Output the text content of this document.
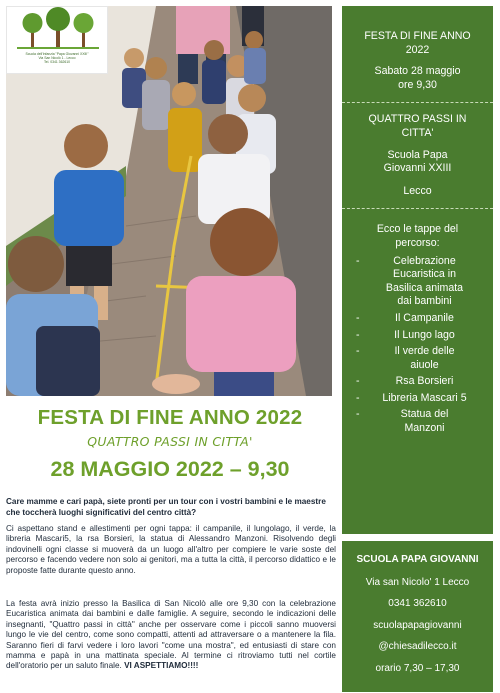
Scuola dell'Infanzia "Papa Giovanni XXIII"
Via San Nicolò 1 - Lecco
Tel. 0341 362610
FESTA DI FINE ANNO 2022
QUATTRO PASSI IN CITTA'
28 MAGGIO 2022 – 9,30
Care mamme e cari papà, siete pronti per un tour con i vostri bambini e le maestre che toccherà luoghi significativi del centro città?
Ci aspettano stand e allestimenti per ogni tappa: il campanile, il lungolago, il verde, la libreria Mascari5, la rsa Borsieri, la statua di Alessandro Manzoni. Risolvendo degli indovinelli ogni classe si muoverà da un luogo all'altro per compiere le varie soste del percorso e facendo vedere non solo ai genitori, ma a tutta la città, il percorso didattico e le proposte fatte durante questo anno.
La festa avrà inizio presso la Basilica di San Nicolò alle ore 9,30 con la celebrazione Eucaristica animata dai bambini e dalle famiglie. A seguire, secondo le indicazioni delle insegnanti, "Quattro passi in città" anche per osservare come i piccoli sanno muoversi lungo le vie del centro, come sono compatti, attenti ad attraversare o a mantenere la fila. Saranno fieri di farvi vedere i loro lavori "come una mostra", ed entusiasti di stare con mamma e papà in una mattinata speciale. Al termine ci ritroviamo tutti nel cortile dell'oratorio per un saluto finale. VI ASPETTIAMO!!!!
FESTA DI FINE ANNO
2022
Sabato 28 maggio
ore 9,30
QUATTRO PASSI IN
CITTA'
Scuola Papa
Giovanni XXIII
Lecco
Ecco le tappe del
percorso:
-	Celebrazione
Eucaristica in
Basilica animata
dai bambini
-	Il Campanile
-	Il Lungo lago
-	Il verde delle
aiuole
-	Rsa Borsieri
-	Libreria Mascari 5
-	Statua del
Manzoni
SCUOLA PAPA GIOVANNI
Via san Nicolo' 1 Lecco
0341 362610
scuolapapagiovanni
@chiesadilecco.it
orario 7,30 – 17,30
